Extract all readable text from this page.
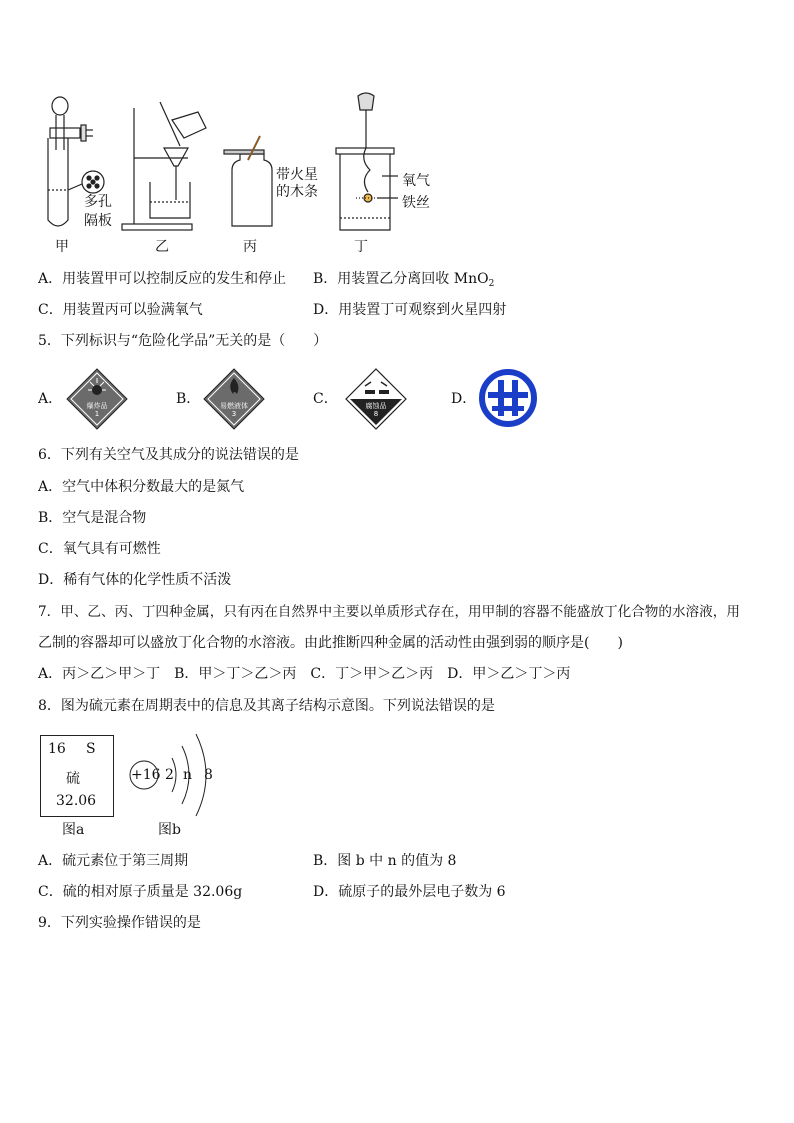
多孔
隔板
带火星
的木条
氧气
铁丝
甲	乙	丙	丁
A．用装置甲可以控制反应的发生和停止 B．用装置乙分离回收 MnO$_2$
C．用装置丙可以验满氧气	D．用装置丁可观察到火星四射
5．下列标识与“危险化学品”无关的是（　　）
A．	爆炸品
1
B．	易燃液体
3
C．	腐蚀品
8
D．
6．下列有关空气及其成分的说法错误的是
A．空气中体积分数最大的是氮气
B．空气是混合物
C．氧气具有可燃性
D．稀有气体的化学性质不活泼
7．甲、乙、丙、丁四种金属，只有丙在自然界中主要以单质形式存在，用甲制的容器不能盛放丁化合物的水溶液，用
乙制的容器却可以盛放丁化合物的水溶液。由此推断四种金属的活动性由强到弱的顺序是(　　)
A．丙＞乙＞甲＞丁　B．甲＞丁＞乙＞丙　C．丁＞甲＞乙＞丙　D．甲＞乙＞丁＞丙
8．图为硫元素在周期表中的信息及其离子结构示意图。下列说法错误的是
16 S
硫
32.06
图a
+16 2 n 8
图b
A．硫元素位于第三周期	B．图 b 中 n 的值为 8
C．硫的相对原子质量是 32.06g	D．硫原子的最外层电子数为 6
9．下列实验操作错误的是
